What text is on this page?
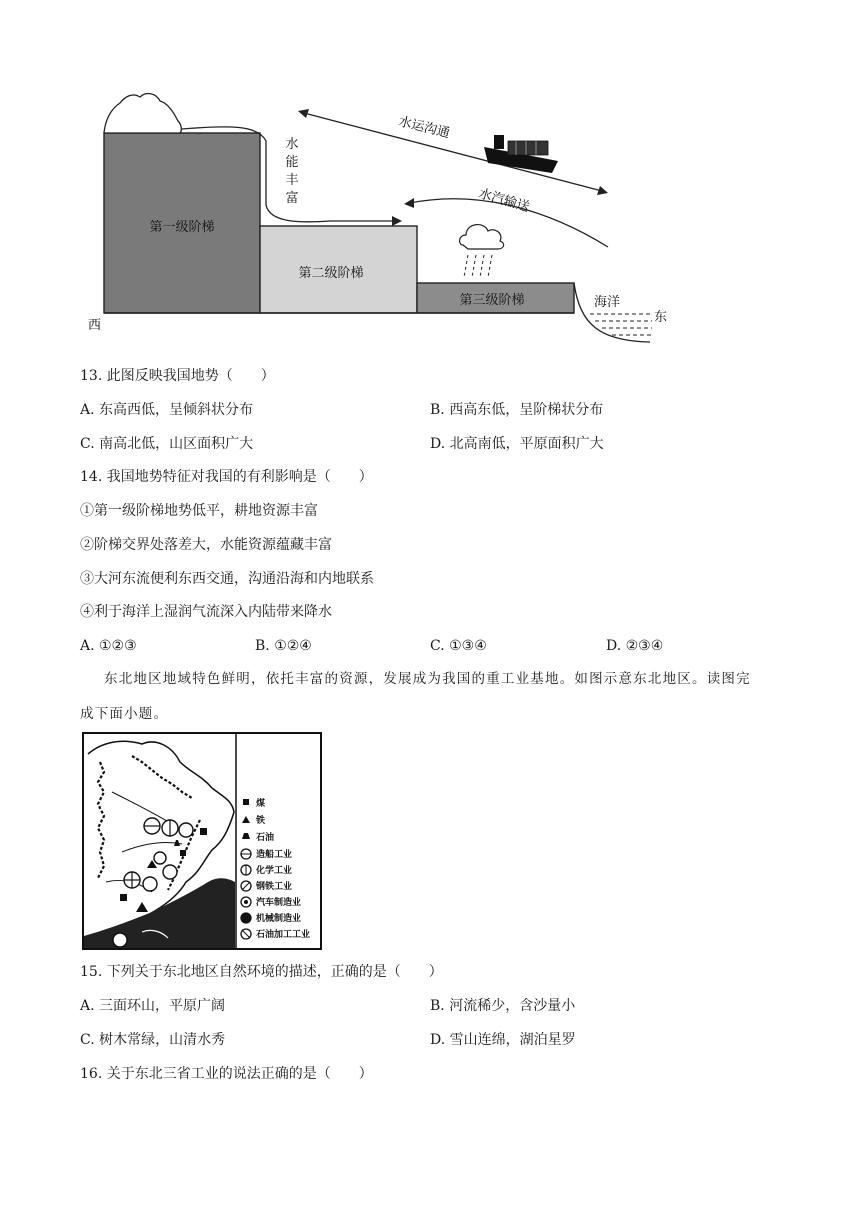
第一级阶梯
第二级阶梯
第三级阶梯
水
能
丰
富
水运沟通
水汽输送
海洋
西
东
13. 此图反映我国地势（　　）
A. 东高西低，呈倾斜状分布	B. 西高东低，呈阶梯状分布
C. 南高北低，山区面积广大	D. 北高南低，平原面积广大
14. 我国地势特征对我国的有利影响是（　　）
①第一级阶梯地势低平，耕地资源丰富
②阶梯交界处落差大，水能资源蕴藏丰富
③大河东流便利东西交通，沟通沿海和内地联系
④利于海洋上湿润气流深入内陆带来降水
A. ①②③	B. ①②④	C. ①③④	D. ②③④
东北地区地域特色鲜明，依托丰富的资源，发展成为我国的重工业基地。如图示意东北地区。读图完
成下面小题。
煤
铁
石油
造船工业
化学工业
钢铁工业
汽车制造业
机械制造业
石油加工工业
15. 下列关于东北地区自然环境的描述，正确的是（　　）
A. 三面环山，平原广阔	B. 河流稀少，含沙量小
C. 树木常绿，山清水秀	D. 雪山连绵，湖泊星罗
16. 关于东北三省工业的说法正确的是（　　）
